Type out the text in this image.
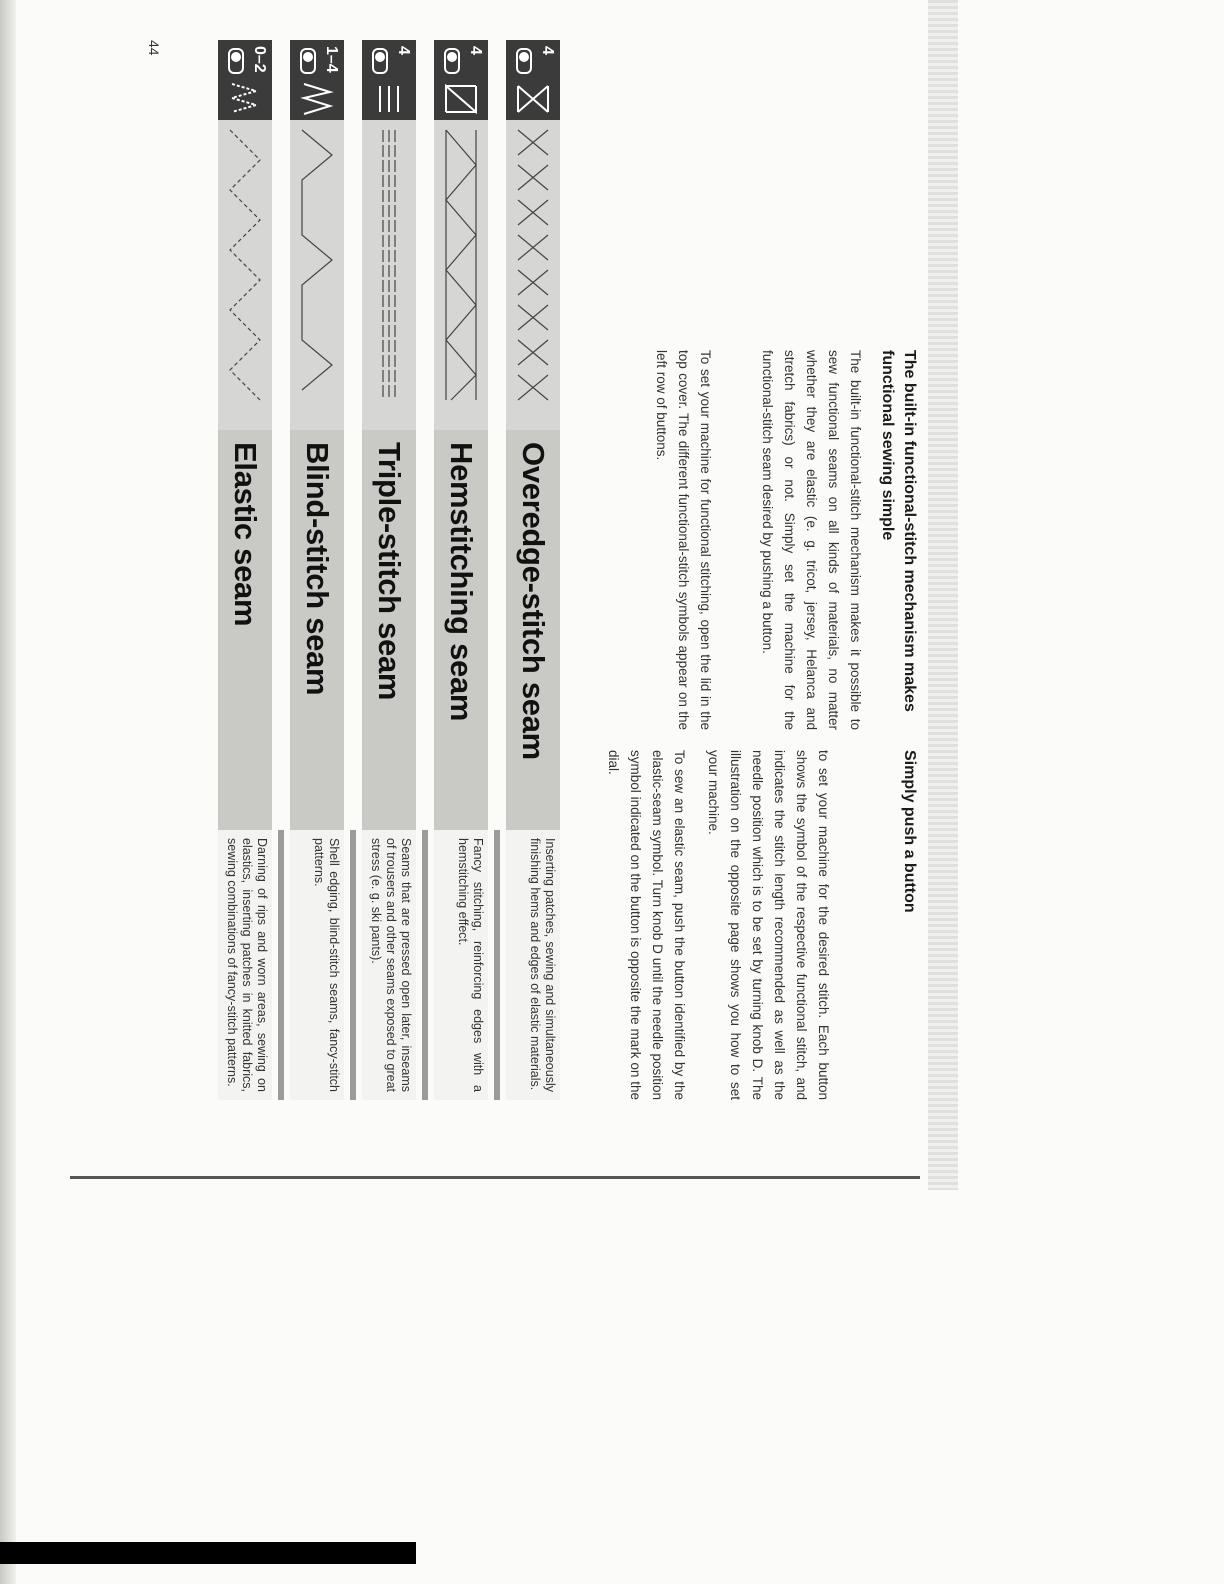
The built-in functional-stitch mechanism makes functional sewing simple

The built-in functional-stitch mechanism makes it possible to sew functional seams on all kinds of materials, no matter whether they are elastic (e. g. tricot, jersey, Helanca and stretch fabrics) or not. Simply set the machine for the functional-stitch seam desired by pushing a button.

To set your machine for functional stitching, open the lid in the top cover. The different functional-stitch symbols appear on the left row of buttons.

Simply push a button

to set your machine for the desired stitch. Each button shows the symbol of the respective functional stitch, and indicates the stitch length recommended as well as the needle position which is to be set by turning knob D. The illustration on the opposite page shows you how to set your machine.

To sew an elastic seam, push the button identified by the elastic-seam symbol. Turn knob D until the needle position symbol indicated on the button is opposite the mark on the dial.

4
Overedge-stitch seam
Inserting patches, sewing and simultaneously finishing hems and edges of elastic materials.
4
Hemstitching seam
Fancy stitching, reinforcing edges with a hemstitching effect.
4
Triple-stitch seam
Seams that are pressed open later, inseams of trousers and other seams exposed to great stress (e. g. ski pants).
1–4
Blind-stitch seam
Shell edging, blind-stitch seams, fancy-stitch patterns.
0–2
Elastic seam
Darning of rips and worn areas, sewing on elastics, inserting patches in knitted fabrics, sewing combinations of fancy-stitch patterns.
44
